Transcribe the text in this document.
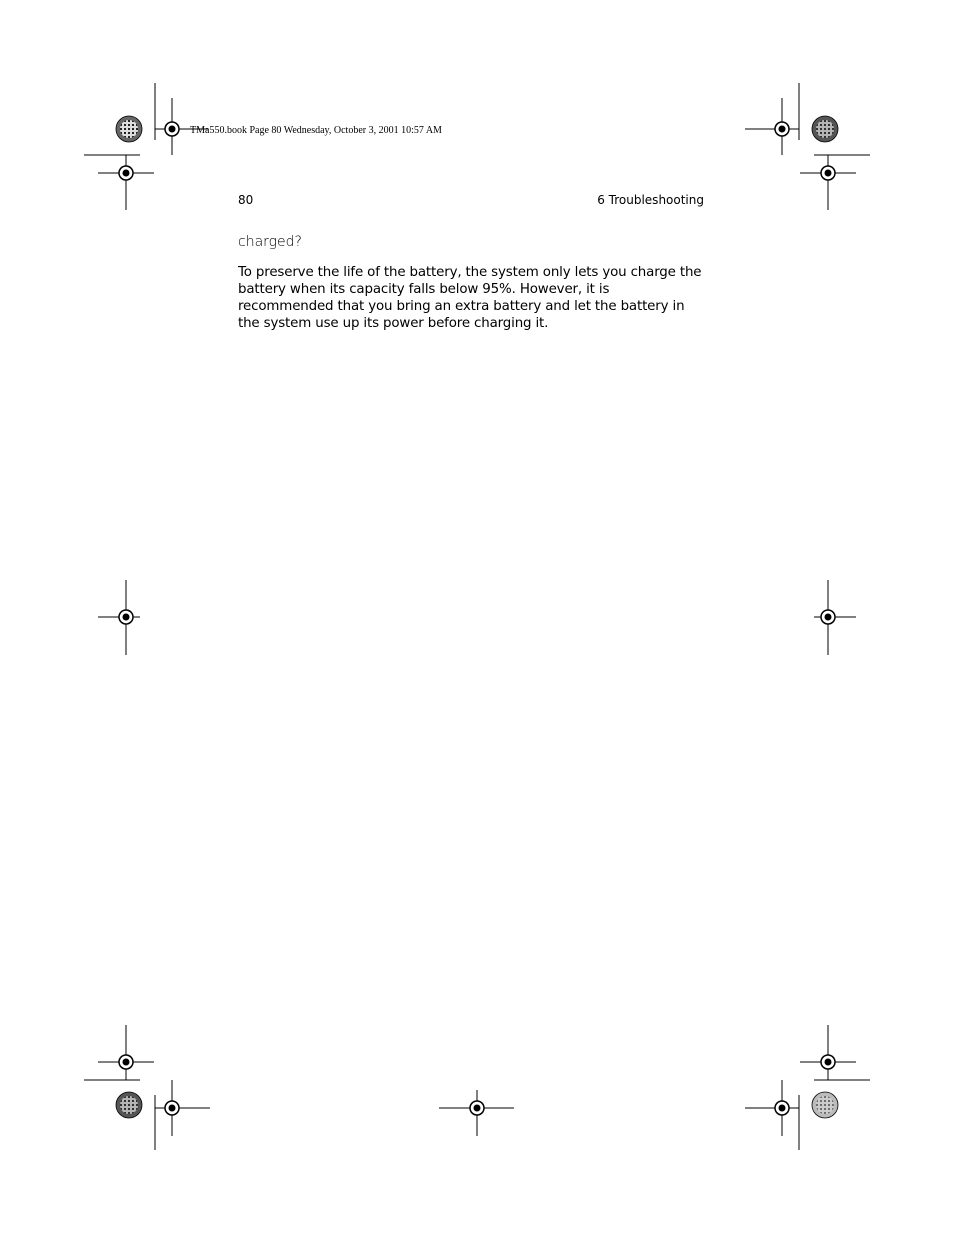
TMa550.book Page 80 Wednesday, October 3, 2001 10:57 AM
80	6 Troubleshooting
charged?

To preserve the life of the battery, the system only lets you charge the battery when its capacity falls below 95%. However, it is recommended that you bring an extra battery and let the battery in the system use up its power before charging it.
